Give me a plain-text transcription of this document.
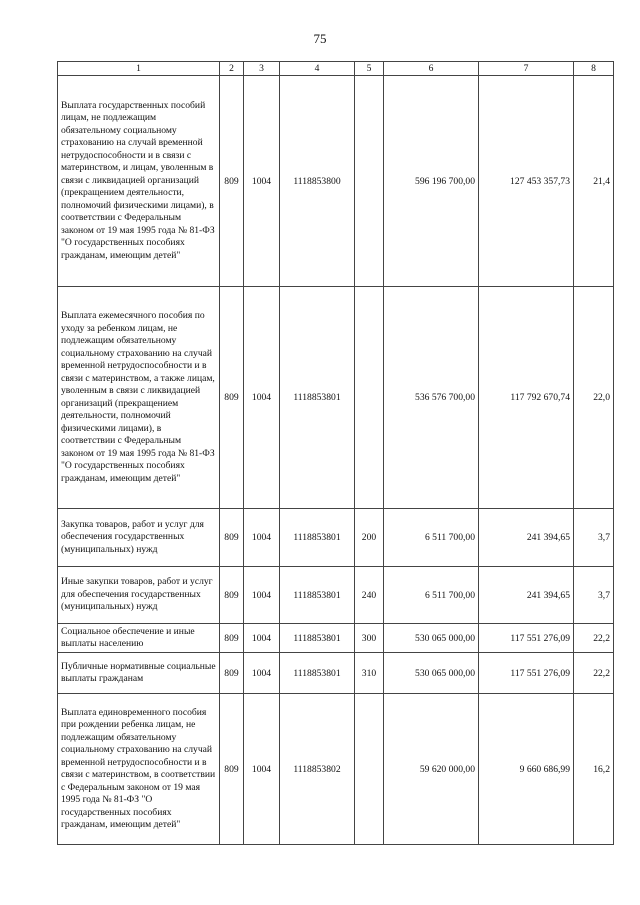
75
1	2	3	4	5	6	7	8
Выплата государственных пособий лицам, не подлежащим обязательному социальному страхованию на случай временной нетрудоспособности и в связи с материнством, и лицам, уволенным в связи с ликвидацией организаций (прекращением деятельности, полномочий физическими лицами), в соответствии с Федеральным законом от 19 мая 1995 года № 81-ФЗ "О государственных пособиях гражданам, имеющим детей"	809	1004	1118853800		596 196 700,00	127 453 357,73	21,4
Выплата ежемесячного пособия по уходу за ребенком лицам, не подлежащим обязательному социальному страхованию на случай временной нетрудоспособности и в связи с материнством, а также лицам, уволенным в связи с ликвидацией организаций (прекращением деятельности, полномочий физическими лицами), в соответствии с Федеральным законом от 19 мая 1995 года № 81-ФЗ "О государственных пособиях гражданам, имеющим детей"	809	1004	1118853801		536 576 700,00	117 792 670,74	22,0
Закупка товаров, работ и услуг для обеспечения государственных (муниципальных) нужд	809	1004	1118853801	200	6 511 700,00	241 394,65	3,7
Иные закупки товаров, работ и услуг для обеспечения государственных (муниципальных) нужд	809	1004	1118853801	240	6 511 700,00	241 394,65	3,7
Социальное обеспечение и иные выплаты населению	809	1004	1118853801	300	530 065 000,00	117 551 276,09	22,2
Публичные нормативные социальные выплаты гражданам	809	1004	1118853801	310	530 065 000,00	117 551 276,09	22,2
Выплата единовременного пособия при рождении ребенка лицам, не подлежащим обязательному социальному страхованию на случай временной нетрудоспособности и в связи с материнством, в соответствии с Федеральным законом от 19 мая 1995 года № 81-ФЗ "О государственных пособиях гражданам, имеющим детей"	809	1004	1118853802		59 620 000,00	9 660 686,99	16,2
